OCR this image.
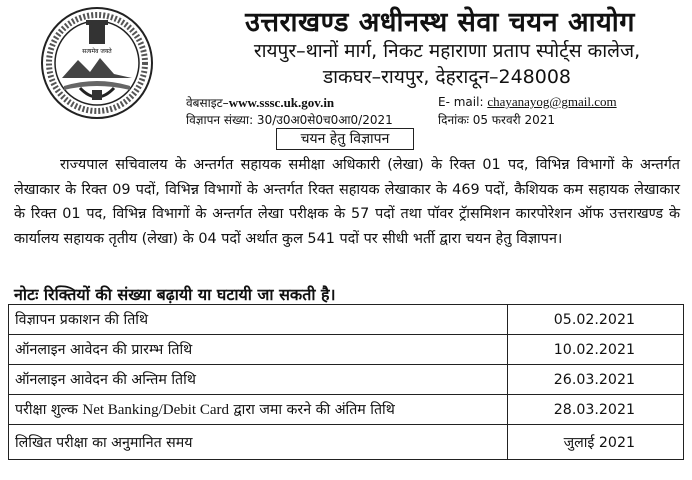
सत्यमेव जयते
उत्तराखण्ड अधीनस्थ सेवा चयन आयोग
रायपुर–थानों मार्ग, निकट महाराणा प्रताप स्पोर्ट्स कालेज,
डाकघर–रायपुर, देहरादून–248008
वेबसाइट–www.sssc.uk.gov.in	E- mail: chayanayog@gmail.com
विज्ञापन संख्या: 30/उ0अ0से0च0आ0/2021	दिनांकः 05 फरवरी 2021
चयन हेतु विज्ञापन
राज्यपाल सचिवालय के अन्तर्गत सहायक समीक्षा अधिकारी (लेखा) के रिक्त 01 पद, विभिन्न विभागों के अन्तर्गत लेखाकार के रिक्त 09 पदों, विभिन्न विभागों के अन्तर्गत रिक्त सहायक लेखाकार के 469 पदों, कैशियक कम सहायक लेखाकार के रिक्त 01 पद, विभिन्न विभागों के अन्तर्गत लेखा परीक्षक के 57 पदों तथा पॉवर ट्रॅासमिशन कारपोरेशन ऑफ उत्तराखण्ड के कार्यालय सहायक तृतीय (लेखा) के 04 पदों अर्थात कुल 541 पदों पर सीधी भर्ती द्वारा चयन हेतु विज्ञापन।
नोटः रिक्तियों की संख्या बढ़ायी या घटायी जा सकती है।
विज्ञापन प्रकाशन की तिथि	05.02.2021
ऑनलाइन आवेदन की प्रारम्भ तिथि	10.02.2021
ऑनलाइन आवेदन की अन्तिम तिथि	26.03.2021
परीक्षा शुल्क Net Banking/Debit Card द्वारा जमा करने की अंतिम तिथि	28.03.2021
लिखित परीक्षा का अनुमानित समय	जुलाई 2021
